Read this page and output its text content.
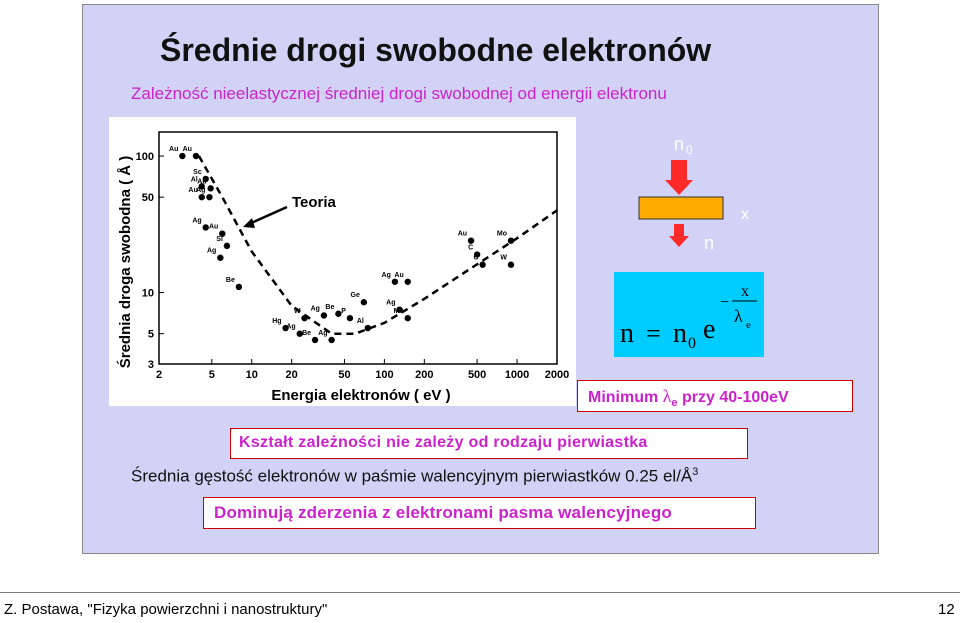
Średnie drogi swobodne elektronów
Zależność nieelastycznej średniej drogi swobodnej od energii elektronu
Średnia droga swobodna ( Å )
Energia elektronów ( eV )
2	5	10	20	50 100 200	500 1000 2000
100
50
10
5
3
Au Au
Sc
Al Au
Au
Ag
Ag
Au
Si
Ag
Be
Hg
Ag
Be
W Ag Be
P
Ge
Al
Ag
Ag
Mo
Ag Au
Au
C
C
Mo
W
Teoria
n $_0$
n
x
n = n 0 e
−
x
λ e
Minimum $\lambda_e$ przy 40-100eV
Kształt zależności nie zależy od rodzaju pierwiastka
Średnia gęstość elektronów w paśmie walencyjnym pierwiastków 0.25 $el/Å^3$
Dominują zderzenia z elektronami pasma walencyjnego
Z. Postawa, "Fizyka powierzchni i nanostruktury"	12
